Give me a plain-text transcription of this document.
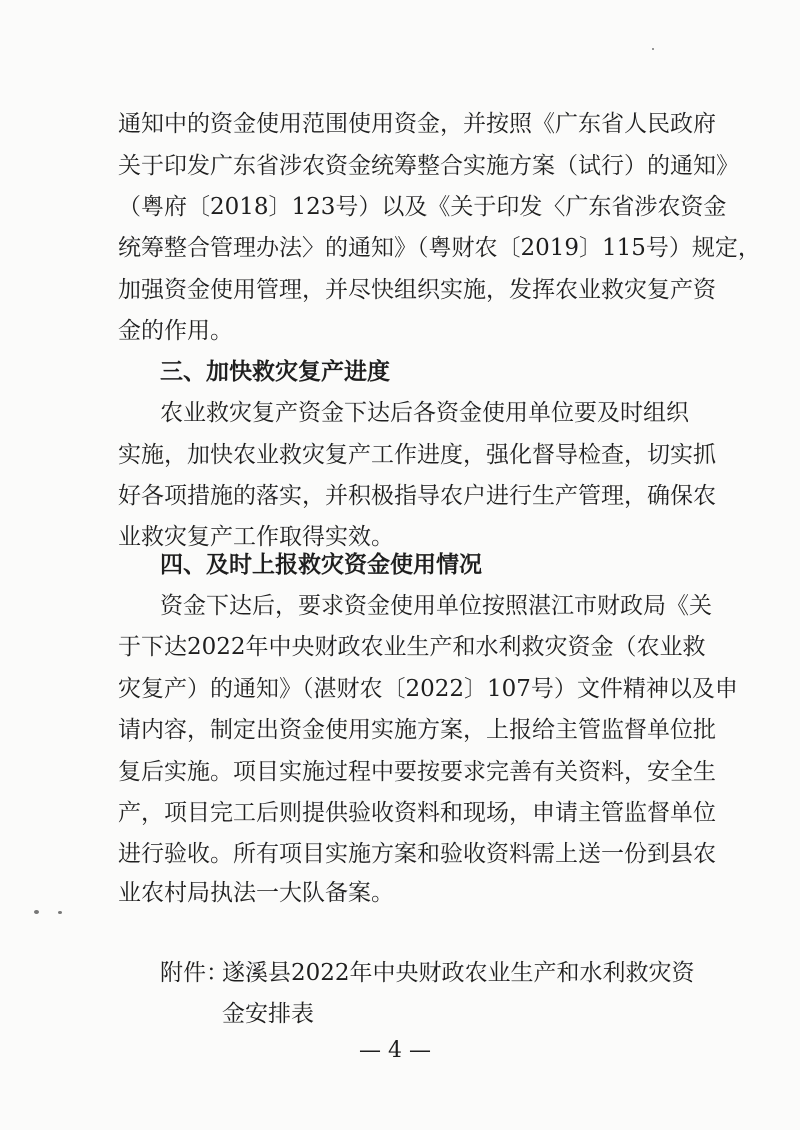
通知中的资金使用范围使用资金，并按照《广东省人民政府
关于印发广东省涉农资金统筹整合实施方案（试行）的通知》
（粤府〔2018〕123号）以及《关于印发〈广东省涉农资金
统筹整合管理办法〉的通知》（粤财农〔2019〕115号）规定，
加强资金使用管理，并尽快组织实施，发挥农业救灾复产资
金的作用。
三、加快救灾复产进度
农业救灾复产资金下达后各资金使用单位要及时组织
实施，加快农业救灾复产工作进度，强化督导检查，切实抓
好各项措施的落实，并积极指导农户进行生产管理，确保农
业救灾复产工作取得实效。
四、及时上报救灾资金使用情况
资金下达后，要求资金使用单位按照湛江市财政局《关
于下达2022年中央财政农业生产和水利救灾资金（农业救
灾复产）的通知》（湛财农〔2022〕107号）文件精神以及申
请内容，制定出资金使用实施方案，上报给主管监督单位批
复后实施。项目实施过程中要按要求完善有关资料，安全生
产，项目完工后则提供验收资料和现场，申请主管监督单位
进行验收。所有项目实施方案和验收资料需上送一份到县农
业农村局执法一大队备案。
附件：
遂溪县2022年中央财政农业生产和水利救灾资
金安排表
— 4 —
